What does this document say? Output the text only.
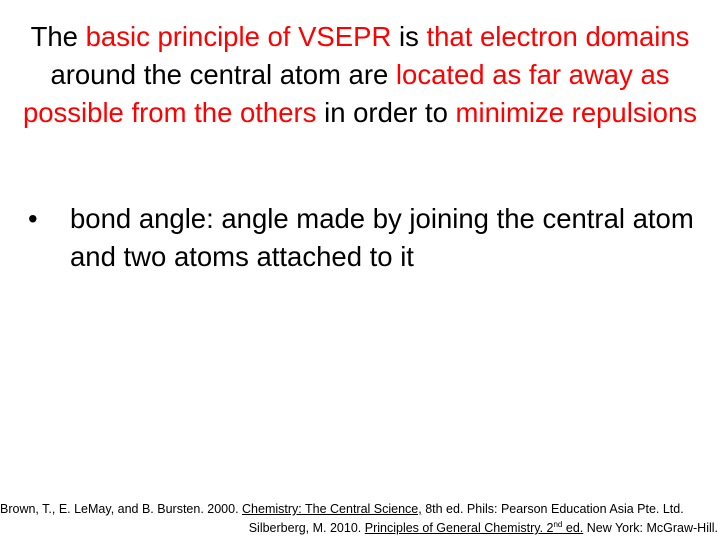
The basic principle of VSEPR is that electron domains around the central atom are located as far away as possible from the others in order to minimize repulsions
•	bond angle: angle made by joining the central atom and two atoms attached to it
Brown, T., E. LeMay, and B. Bursten. 2000. Chemistry: The Central Science, 8th ed. Phils: Pearson Education Asia Pte. Ltd.
Silberberg, M. 2010. Principles of General Chemistry. 2nd ed. New York: McGraw-Hill.
